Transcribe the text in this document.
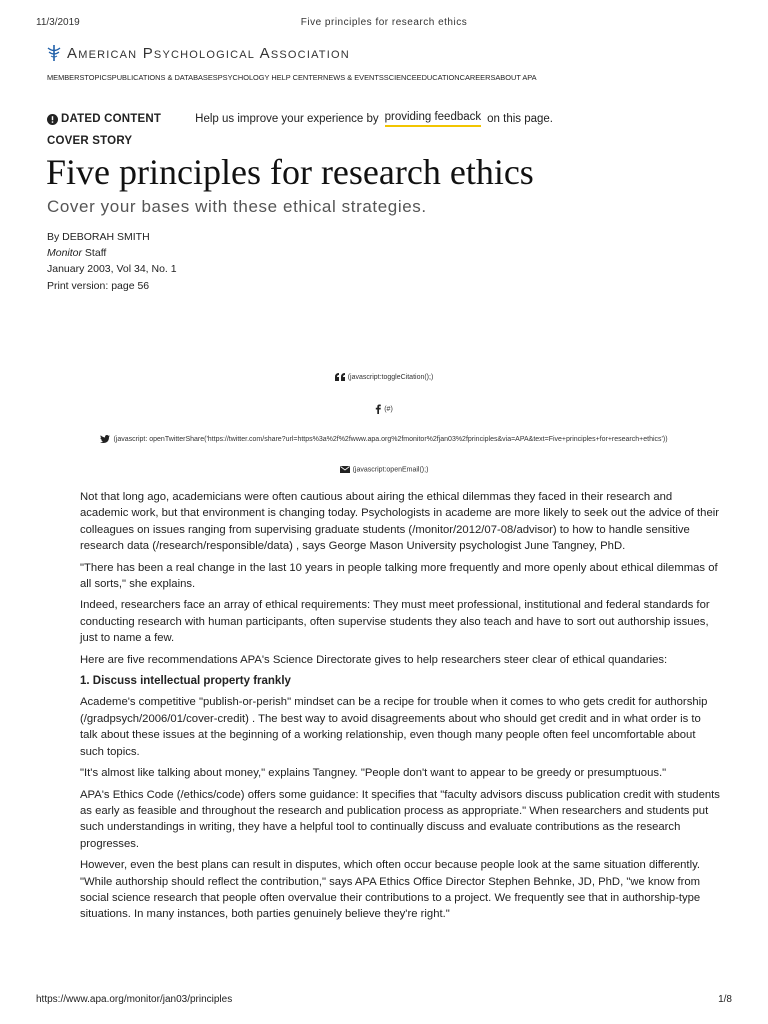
11/3/2019	Five principles for research ethics
American Psychological Association
MEMBERS TOPICS PUBLICATIONS & DATABASES PSYCHOLOGY HELP CENTER NEWS & EVENTS SCIENCE EDUCATION CAREERS ABOUT APA
DATED CONTENT	Help us improve your experience by providing feedback on this page.
COVER STORY
Five principles for research ethics
Cover your bases with these ethical strategies.
By DEBORAH SMITH
Monitor Staff
January 2003, Vol 34, No. 1
Print version: page 56
(javascript:toggleCitation();)
(#)
(javascript: openTwitterShare('https://twitter.com/share?url=https%3a%2f%2fwww.apa.org%2fmonitor%2fjan03%2fprinciples&via=APA&text=Five+principles+for+research+ethics'))
(javascript:openEmail();)

Not that long ago, academicians were often cautious about airing the ethical dilemmas they faced in their research and academic work, but that environment is changing today. Psychologists in academe are more likely to seek out the advice of their colleagues on issues ranging from supervising graduate students (/monitor/2012/07-08/advisor) to how to handle sensitive research data (/research/responsible/data) , says George Mason University psychologist June Tangney, PhD.

"There has been a real change in the last 10 years in people talking more frequently and more openly about ethical dilemmas of all sorts," she explains.

Indeed, researchers face an array of ethical requirements: They must meet professional, institutional and federal standards for conducting research with human participants, often supervise students they also teach and have to sort out authorship issues, just to name a few.

Here are five recommendations APA's Science Directorate gives to help researchers steer clear of ethical quandaries:

1. Discuss intellectual property frankly

Academe's competitive "publish-or-perish" mindset can be a recipe for trouble when it comes to who gets credit for authorship (/gradpsych/2006/01/cover-credit) . The best way to avoid disagreements about who should get credit and in what order is to talk about these issues at the beginning of a working relationship, even though many people often feel uncomfortable about such topics.

"It's almost like talking about money," explains Tangney. "People don't want to appear to be greedy or presumptuous."

APA's Ethics Code (/ethics/code) offers some guidance: It specifies that "faculty advisors discuss publication credit with students as early as feasible and throughout the research and publication process as appropriate." When researchers and students put such understandings in writing, they have a helpful tool to continually discuss and evaluate contributions as the research progresses.

However, even the best plans can result in disputes, which often occur because people look at the same situation differently. "While authorship should reflect the contribution," says APA Ethics Office Director Stephen Behnke, JD, PhD, "we know from social science research that people often overvalue their contributions to a project. We frequently see that in authorship-type situations. In many instances, both parties genuinely believe they're right."

https://www.apa.org/monitor/jan03/principles	1/8
